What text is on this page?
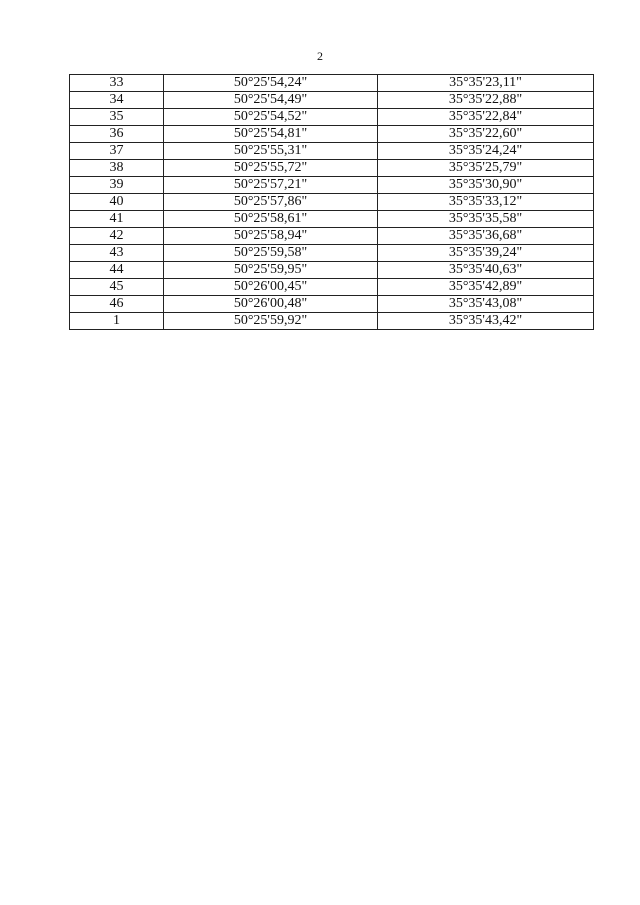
2
33	50°25'54,24"	35°35'23,11"
34	50°25'54,49"	35°35'22,88"
35	50°25'54,52"	35°35'22,84"
36	50°25'54,81"	35°35'22,60"
37	50°25'55,31"	35°35'24,24"
38	50°25'55,72"	35°35'25,79"
39	50°25'57,21"	35°35'30,90"
40	50°25'57,86"	35°35'33,12"
41	50°25'58,61"	35°35'35,58"
42	50°25'58,94"	35°35'36,68"
43	50°25'59,58"	35°35'39,24"
44	50°25'59,95"	35°35'40,63"
45	50°26'00,45"	35°35'42,89"
46	50°26'00,48"	35°35'43,08"
1	50°25'59,92"	35°35'43,42"
